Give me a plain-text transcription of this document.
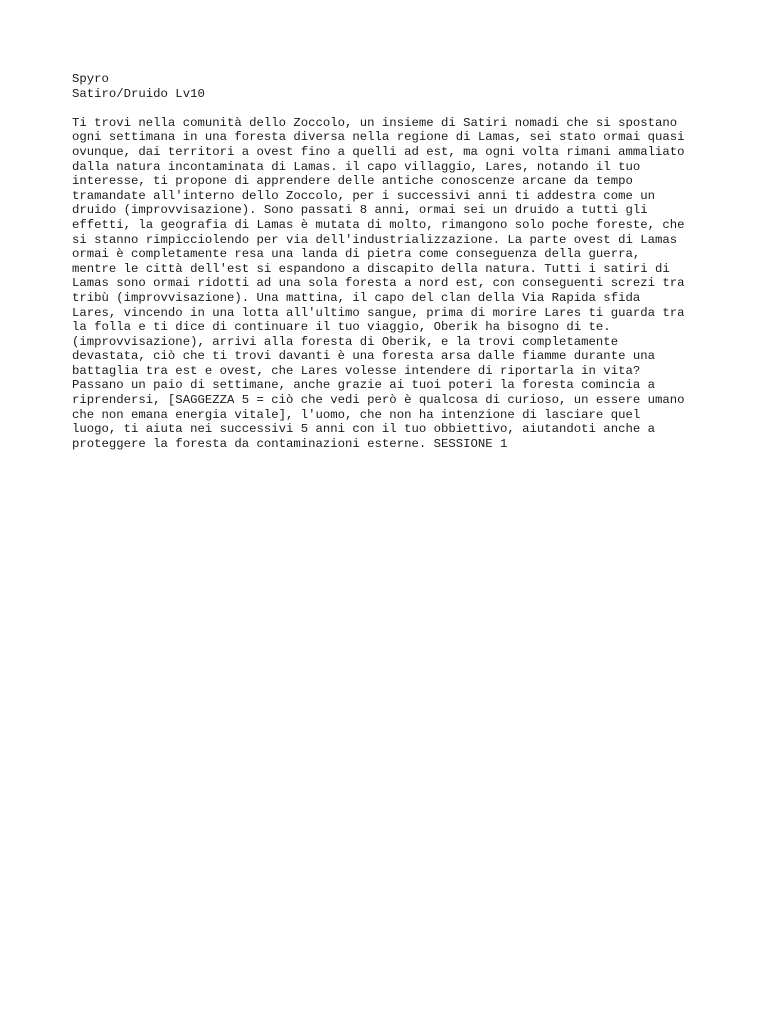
Spyro
Satiro/Druido Lv10
Ti trovi nella comunità dello Zoccolo, un insieme di Satiri nomadi che si spostano
ogni settimana in una foresta diversa nella regione di Lamas, sei stato ormai quasi
ovunque, dai territori a ovest fino a quelli ad est, ma ogni volta rimani ammaliato
dalla natura incontaminata di Lamas. il capo villaggio, Lares, notando il tuo
interesse, ti propone di apprendere delle antiche conoscenze arcane da tempo
tramandate all'interno dello Zoccolo, per i successivi anni ti addestra come un
druido (improvvisazione). Sono passati 8 anni, ormai sei un druido a tutti gli
effetti, la geografia di Lamas è mutata di molto, rimangono solo poche foreste, che
si stanno rimpicciolendo per via dell'industrializzazione. La parte ovest di Lamas
ormai è completamente resa una landa di pietra come conseguenza della guerra,
mentre le città dell'est si espandono a discapito della natura. Tutti i satiri di
Lamas sono ormai ridotti ad una sola foresta a nord est, con conseguenti screzi tra
tribù (improvvisazione). Una mattina, il capo del clan della Via Rapida sfida
Lares, vincendo in una lotta all'ultimo sangue, prima di morire Lares ti guarda tra
la folla e ti dice di continuare il tuo viaggio, Oberik ha bisogno di te.
(improvvisazione), arrivi alla foresta di Oberik, e la trovi completamente
devastata, ciò che ti trovi davanti è una foresta arsa dalle fiamme durante una
battaglia tra est e ovest, che Lares volesse intendere di riportarla in vita?
Passano un paio di settimane, anche grazie ai tuoi poteri la foresta comincia a
riprendersi, [SAGGEZZA 5 = ciò che vedi però è qualcosa di curioso, un essere umano
che non emana energia vitale], l'uomo, che non ha intenzione di lasciare quel
luogo, ti aiuta nei successivi 5 anni con il tuo obbiettivo, aiutandoti anche a
proteggere la foresta da contaminazioni esterne. SESSIONE 1
